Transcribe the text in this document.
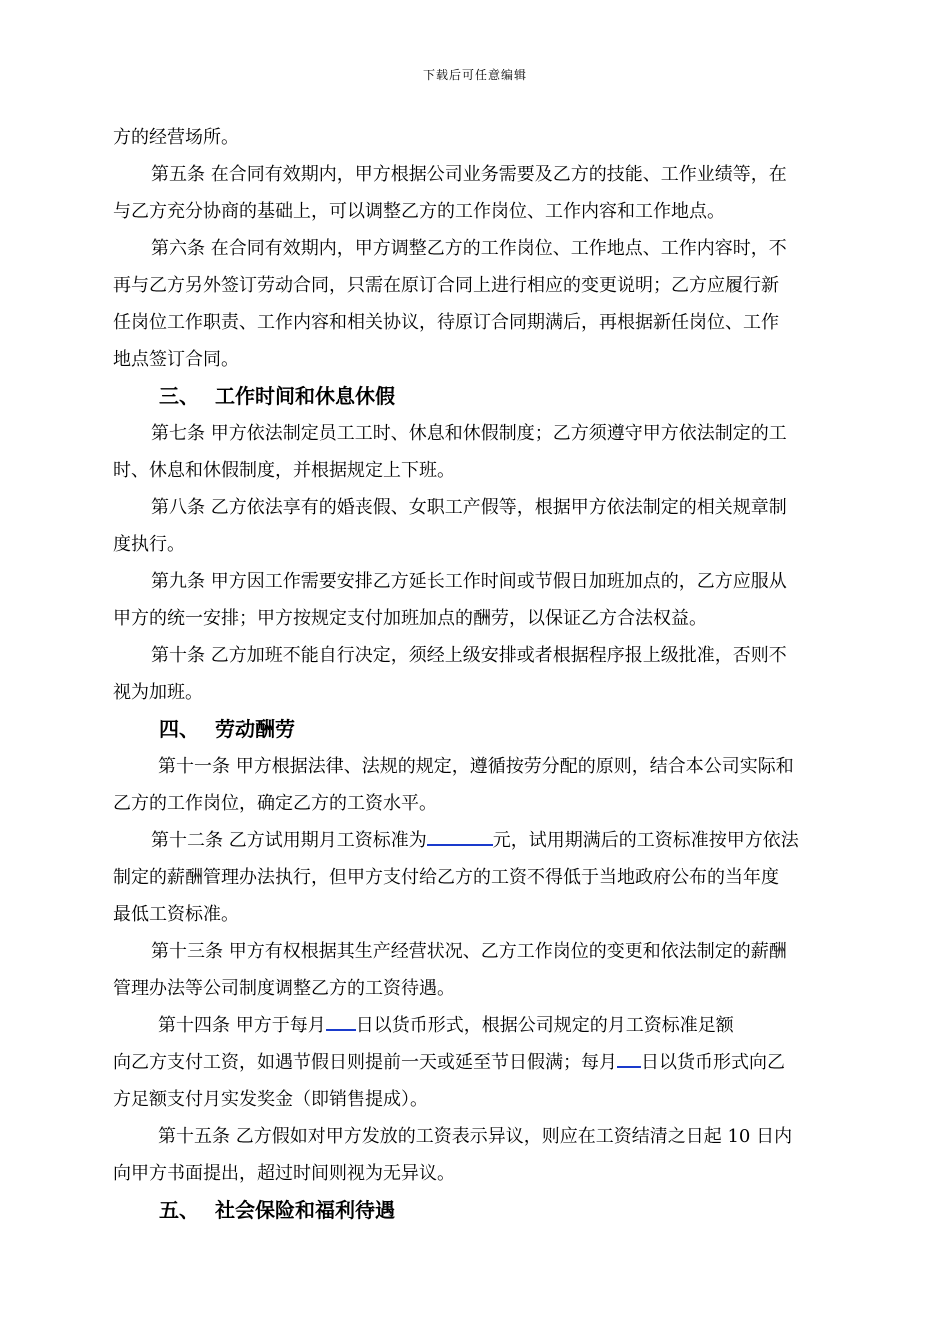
下载后可任意编辑
方的经营场所。
第五条 在合同有效期内，甲方根据公司业务需要及乙方的技能、工作业绩等，在
与乙方充分协商的基础上，可以调整乙方的工作岗位、工作内容和工作地点。
第六条 在合同有效期内，甲方调整乙方的工作岗位、工作地点、工作内容时，不
再与乙方另外签订劳动合同，只需在原订合同上进行相应的变更说明；乙方应履行新
任岗位工作职责、工作内容和相关协议，待原订合同期满后，再根据新任岗位、工作
地点签订合同。
三、 工作时间和休息休假
第七条 甲方依法制定员工工时、休息和休假制度；乙方须遵守甲方依法制定的工
时、休息和休假制度，并根据规定上下班。
第八条 乙方依法享有的婚丧假、女职工产假等，根据甲方依法制定的相关规章制
度执行。
第九条 甲方因工作需要安排乙方延长工作时间或节假日加班加点的，乙方应服从
甲方的统一安排；甲方按规定支付加班加点的酬劳，以保证乙方合法权益。
第十条 乙方加班不能自行决定，须经上级安排或者根据程序报上级批准，否则不
视为加班。
四、 劳动酬劳
第十一条 甲方根据法律、法规的规定，遵循按劳分配的原则，结合本公司实际和
乙方的工作岗位，确定乙方的工资水平。
第十二条 乙方试用期月工资标准为	元，试用期满后的工资标准按甲方依法
制定的薪酬管理办法执行，但甲方支付给乙方的工资不得低于当地政府公布的当年度
最低工资标准。
第十三条 甲方有权根据其生产经营状况、乙方工作岗位的变更和依法制定的薪酬
管理办法等公司制度调整乙方的工资待遇。
第十四条 甲方于每月 日以货币形式，根据公司规定的月工资标准足额
向乙方支付工资，如遇节假日则提前一天或延至节日假满；每月 日以货币形式向乙
方足额支付月实发奖金（即销售提成）。
第十五条 乙方假如对甲方发放的工资表示异议，则应在工资结清之日起 10 日内
向甲方书面提出，超过时间则视为无异议。
五、 社会保险和福利待遇
